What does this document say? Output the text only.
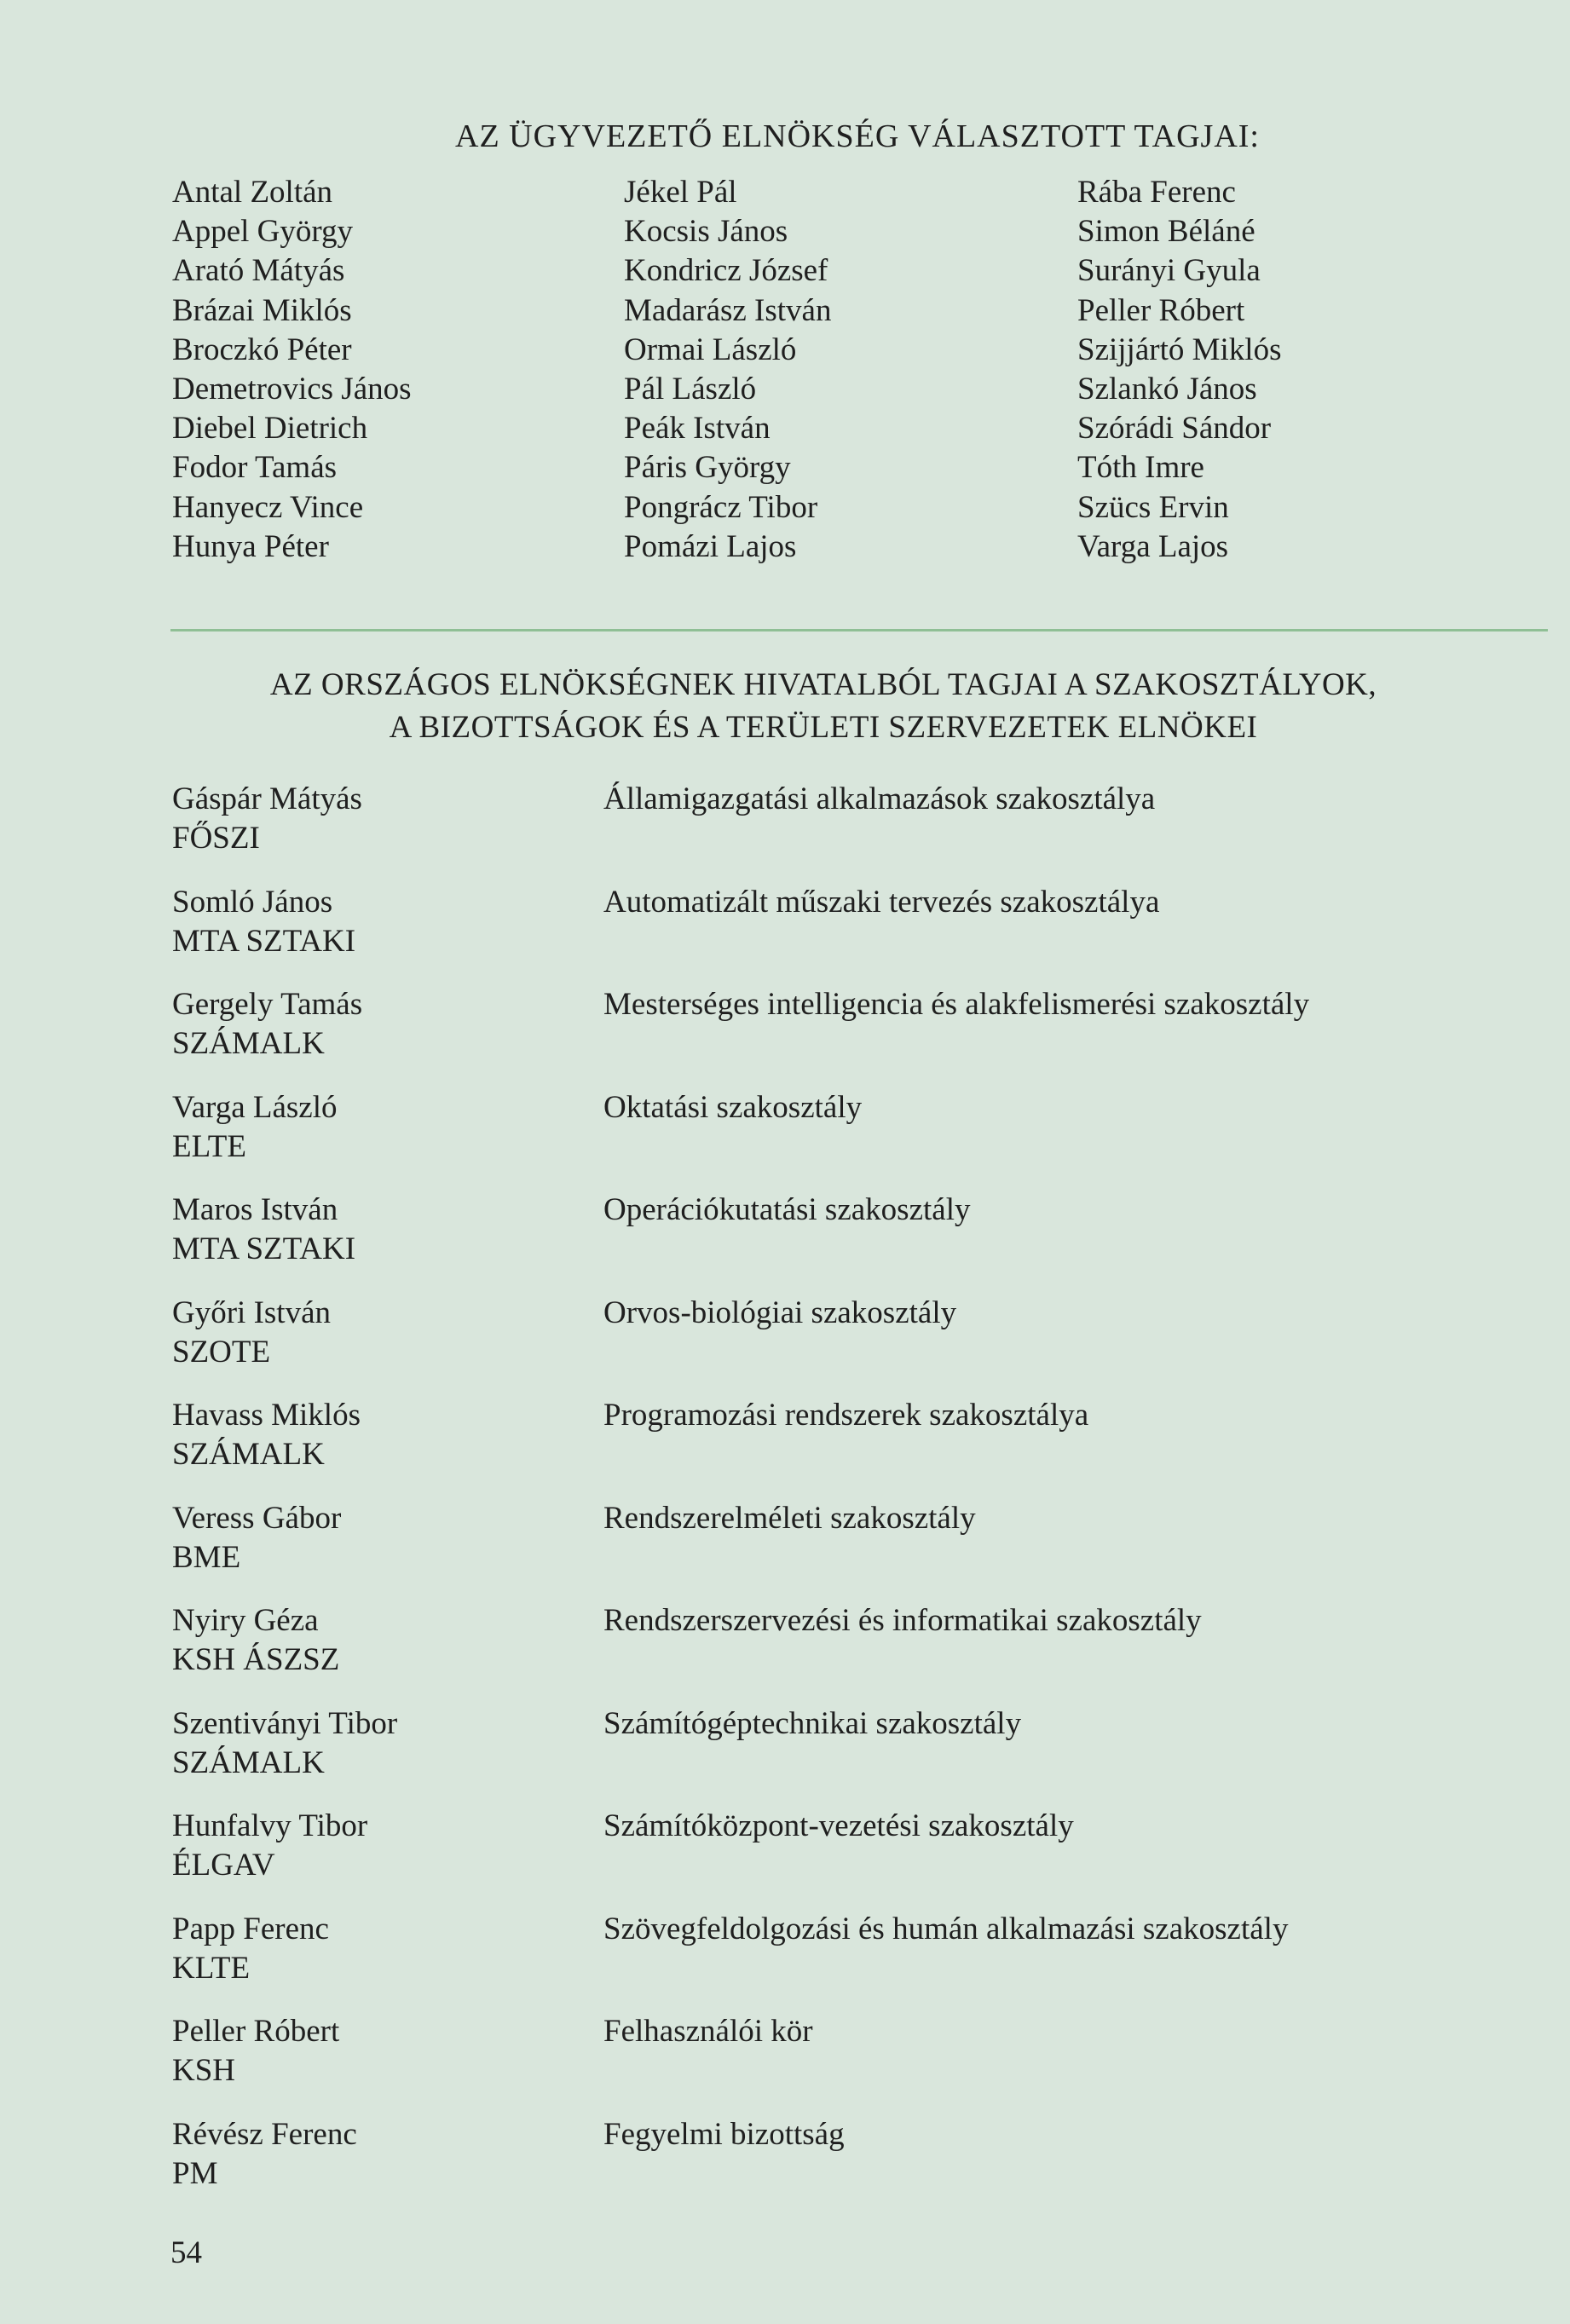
AZ ÜGYVEZETŐ ELNÖKSÉG VÁLASZTOTT TAGJAI:
Antal Zoltán
Appel György
Arató Mátyás
Brázai Miklós
Broczkó Péter
Demetrovics János
Diebel Dietrich
Fodor Tamás
Hanyecz Vince
Hunya Péter
Jékel Pál
Kocsis János
Kondricz József
Madarász István
Ormai László
Pál László
Peák István
Páris György
Pongrácz Tibor
Pomázi Lajos
Rába Ferenc
Simon Béláné
Surányi Gyula
Peller Róbert
Szijjártó Miklós
Szlankó János
Szórádi Sándor
Tóth Imre
Szücs Ervin
Varga Lajos
AZ ORSZÁGOS ELNÖKSÉGNEK HIVATALBÓL TAGJAI A SZAKOSZTÁLYOK,
A BIZOTTSÁGOK ÉS A TERÜLETI SZERVEZETEK ELNÖKEI
Gáspár Mátyás
FŐSZI
Államigazgatási alkalmazások szakosztálya
Somló János
MTA SZTAKI
Automatizált műszaki tervezés szakosztálya
Gergely Tamás
SZÁMALK
Mesterséges intelligencia és alakfelismerési szakosztály
Varga László
ELTE
Oktatási szakosztály
Maros István
MTA SZTAKI
Operációkutatási szakosztály
Győri István
SZOTE
Orvos-biológiai szakosztály
Havass Miklós
SZÁMALK
Programozási rendszerek szakosztálya
Veress Gábor
BME
Rendszerelméleti szakosztály
Nyiry Géza
KSH ÁSZSZ
Rendszerszervezési és informatikai szakosztály
Szentiványi Tibor
SZÁMALK
Számítógéptechnikai szakosztály
Hunfalvy Tibor
ÉLGAV
Számítóközpont-vezetési szakosztály
Papp Ferenc
KLTE
Szövegfeldolgozási és humán alkalmazási szakosztály
Peller Róbert
KSH
Felhasználói kör
Révész Ferenc
PM
Fegyelmi bizottság
54
